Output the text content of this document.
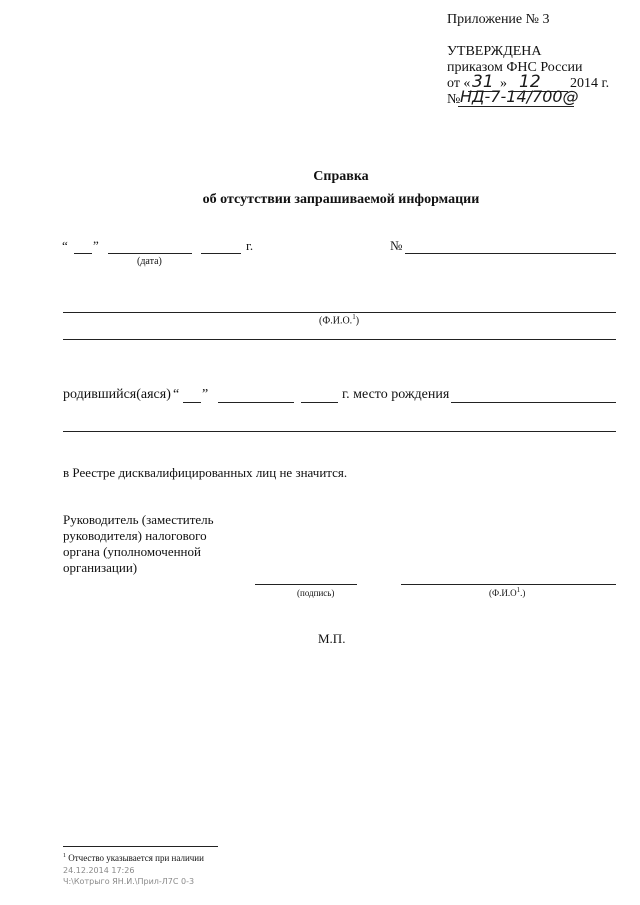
Приложение № 3
УТВЕРЖДЕНА
приказом ФНС России
от « 31 » 12 2014 г.
№ НД-7-14/700@
Справка
об отсутствии запрашиваемой информации
“ ”	г.
(дата)
№
(Ф.И.О.$^1$)
родившийся(аяся) “ ”	г. место рождения
в Реестре дисквалифицированных лиц не значится.
Руководитель (заместитель
руководителя) налогового
органа (уполномоченной
организации)
(подпись)	$(Ф.И.О^1.)$
М.П.
$^1$ Отчество указывается при наличии
24.12.2014 17:26
Ч:\Котрыго ЯН.И.\Прил-Л7С 0-3
